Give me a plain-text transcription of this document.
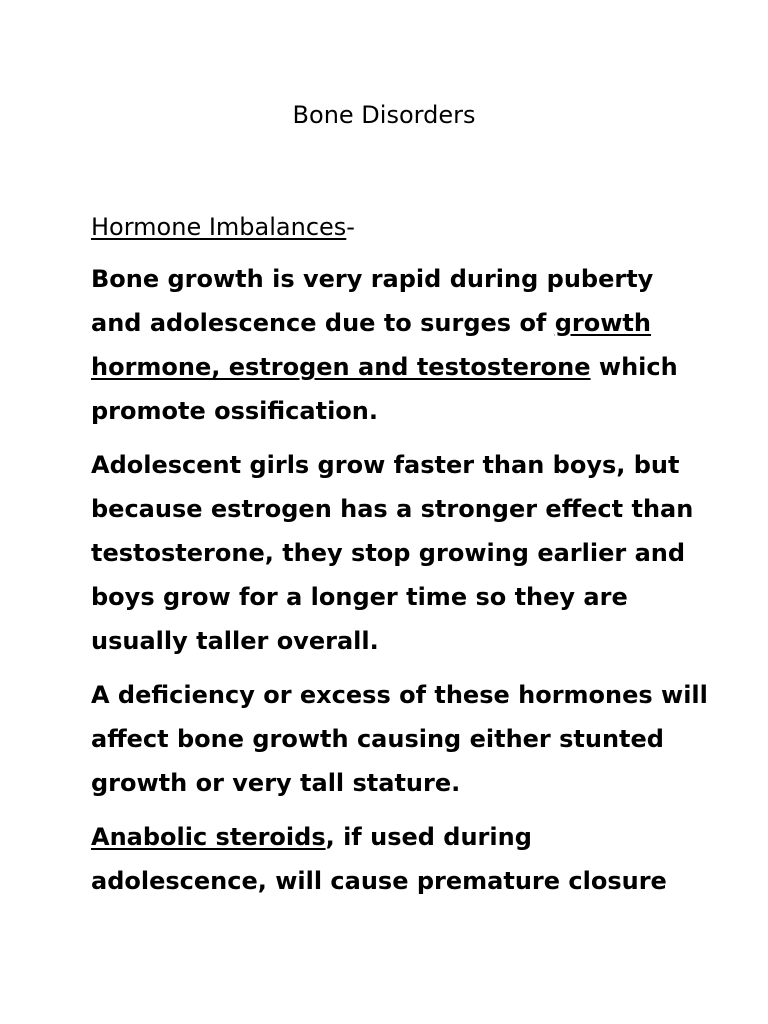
Bone Disorders

Hormone Imbalances-

Bone growth is very rapid during puberty and adolescence due to surges of growth hormone, estrogen and testosterone which promote ossification.

Adolescent girls grow faster than boys, but because estrogen has a stronger effect than testosterone, they stop growing earlier and boys grow for a longer time so they are usually taller overall.

A deficiency or excess of these hormones will affect bone growth causing either stunted growth or very tall stature.

Anabolic steroids, if used during adolescence, will cause premature closure
